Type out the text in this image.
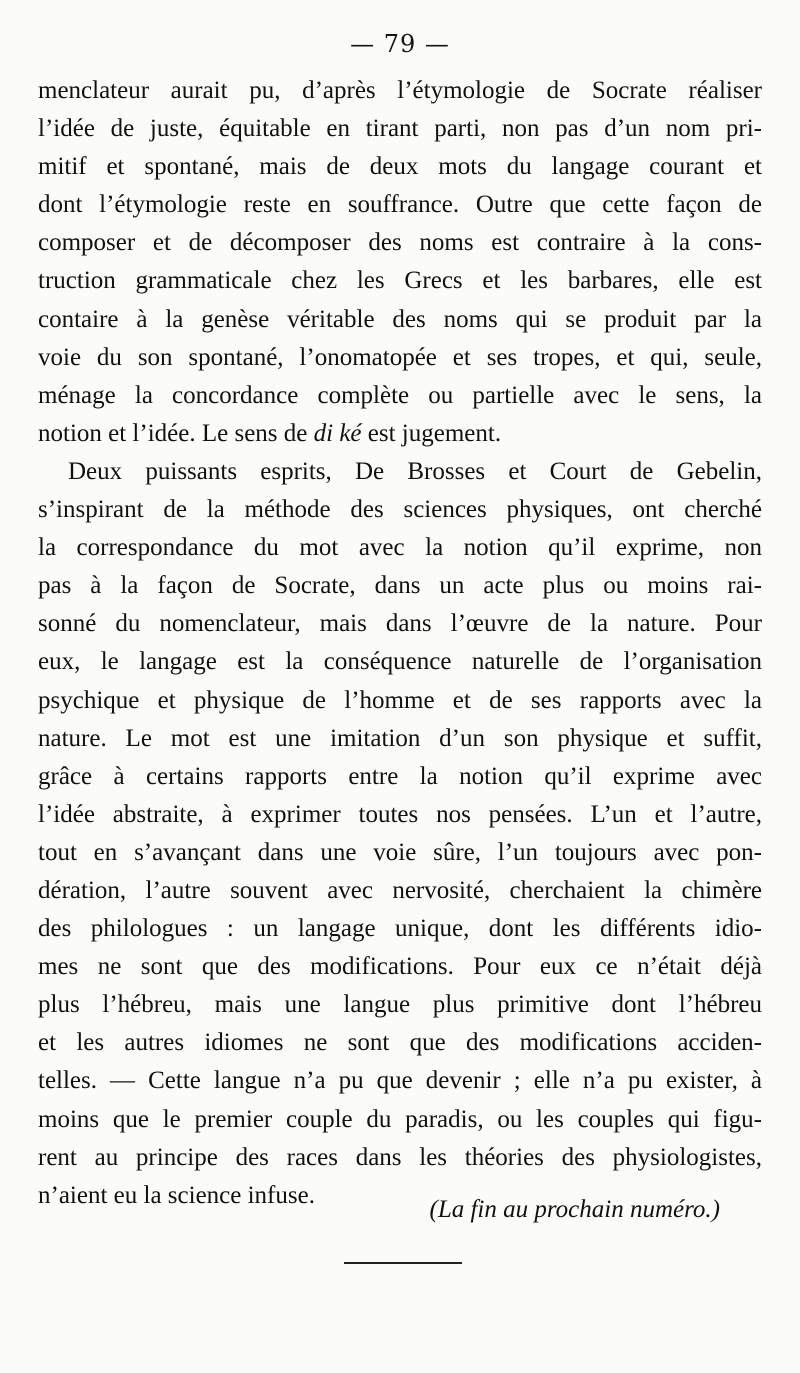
— 79 —
menclateur aurait pu, d’après l’étymologie de Socrate réaliser
l’idée de juste, équitable en tirant parti, non pas d’un nom pri-
mitif et spontané, mais de deux mots du langage courant et
dont l’étymologie reste en souffrance. Outre que cette façon de
composer et de décomposer des noms est contraire à la cons-
truction grammaticale chez les Grecs et les barbares, elle est
contaire à la genèse véritable des noms qui se produit par la
voie du son spontané, l’onomatopée et ses tropes, et qui, seule,
ménage la concordance complète ou partielle avec le sens, la
notion et l’idée. Le sens de di ké est jugement.
Deux puissants esprits, De Brosses et Court de Gebelin,
s’inspirant de la méthode des sciences physiques, ont cherché
la correspondance du mot avec la notion qu’il exprime, non
pas à la façon de Socrate, dans un acte plus ou moins rai-
sonné du nomenclateur, mais dans l’œuvre de la nature. Pour
eux, le langage est la conséquence naturelle de l’organisation
psychique et physique de l’homme et de ses rapports avec la
nature. Le mot est une imitation d’un son physique et suffit,
grâce à certains rapports entre la notion qu’il exprime avec
l’idée abstraite, à exprimer toutes nos pensées. L’un et l’autre,
tout en s’avançant dans une voie sûre, l’un toujours avec pon-
dération, l’autre souvent avec nervosité, cherchaient la chimère
des philologues : un langage unique, dont les différents idio-
mes ne sont que des modifications. Pour eux ce n’était déjà
plus l’hébreu, mais une langue plus primitive dont l’hébreu
et les autres idiomes ne sont que des modifications acciden-
telles. — Cette langue n’a pu que devenir ; elle n’a pu exister, à
moins que le premier couple du paradis, ou les couples qui figu-
rent au principe des races dans les théories des physiologistes,
n’aient eu la science infuse.
(La fin au prochain numéro.)
